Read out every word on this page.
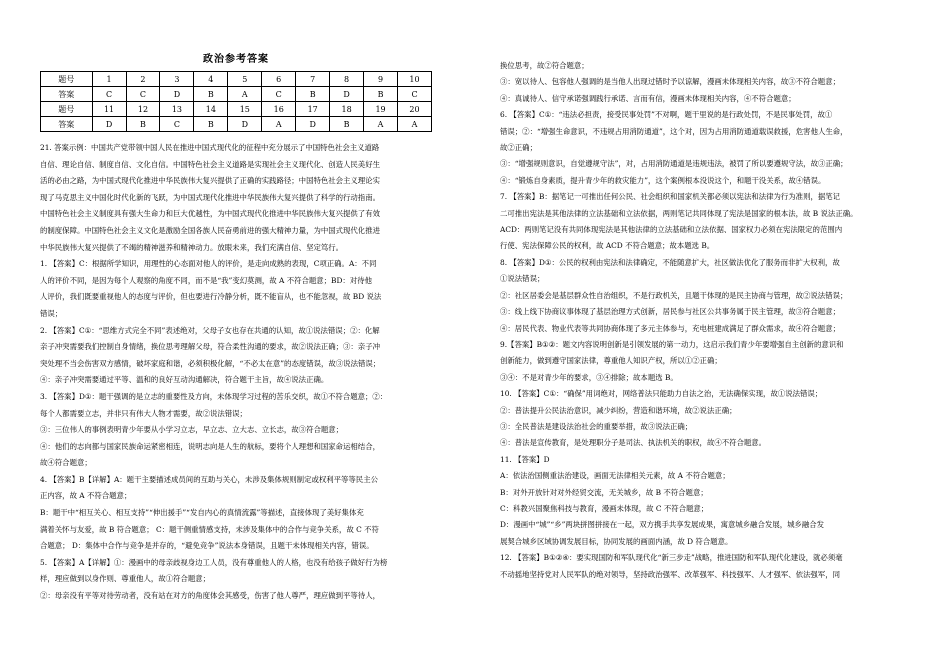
政治参考答案
题号	1	2	3	4	5	6	7	8	9	10
答案	C	C	D	B	A	C	B	D	B	C
题号	11	12	13	14	15	16	17	18	19	20
答案	D	B	C	B	D	A	D	B	A	A

21. 答案示例：中国共产党带领中国人民在推进中国式现代化的征程中充分展示了中国特色社会主义道路

自信、理论自信、制度自信、文化自信。中国特色社会主义道路是实现社会主义现代化、创造人民美好生

活的必由之路，为中国式现代化推进中华民族伟大复兴提供了正确的实践路径；中国特色社会主义理论实

现了马克思主义中国化时代化新的飞跃，为中国式现代化推进中华民族伟大复兴提供了科学的行动指南。

中国特色社会主义制度具有强大生命力和巨大优越性，为中国式现代化推进中华民族伟大复兴提供了有效

的制度保障。中国特色社会主义文化是激励全国各族人民奋勇前进的强大精神力量，为中国式现代化推进

中华民族伟大复兴提供了不竭的精神滋养和精神动力。放眼未来，我们充满自信、坚定笃行。

1. 【答案】C：根据所学知识，用理性的心态面对他人的评价，是走向成熟的表现，C项正确。A：不同

人的评价不同，是因为每个人观察的角度不同，而不是“我”变幻莫测，故 A 不符合题意；BD：对待他

人评价，我们既要重视他人的态度与评价，但也要进行冷静分析，既不能盲从，也不能忽视，故 BD 说法

错误；

2. 【答案】C①：“思维方式完全不同”表述绝对，父母子女也存在共通的认知，故①说法错误；②：化解

亲子冲突需要我们控制自身情绪，换位思考理解父母，符合柔性沟通的要求，故②说法正确；③：亲子冲

突处理不当会伤害双方感情，破坏家庭和谐，必须积极化解，“不必太在意”的态度错误，故③说法错误；

④：亲子冲突需要通过平等、温和的良好互动沟通解决，符合题干主旨，故④说法正确。

3. 【答案】D①：题干强调的是立志的重要性及方向，未体现学习过程的苦乐交织，故①不符合题意；②：

每个人都需要立志，并非只有伟大人物才需要，故②说法错误；

③：三位伟人的事例表明青少年要从小学习立志，早立志、立大志、立长志，故③符合题意；

④：他们的志向都与国家民族命运紧密相连，说明志向是人生的航标，要将个人理想和国家命运相结合，

故④符合题意；

4. 【答案】B【详解】A：题干主要描述成员间的互助与关心，未涉及集体规则制定或权利平等等民主公

正内容，故 A 不符合题意；

B：题干中“相互关心、相互支持”“伸出援手”“发自内心的真情流露”等描述，直接体现了美好集体充

满着关怀与友爱，故 B 符合题意； C：题干侧重情感支持，未涉及集体中的合作与竞争关系，故 C 不符

合题意； D：集体中合作与竞争是并存的，“避免竞争”说法本身错误，且题干未体现相关内容，错误。

5. 【答案】A【详解】①：漫画中的母亲歧视身边工人员，没有尊重他人的人格，也没有给孩子做好行为榜

样，理应做到以身作则、尊重他人，故①符合题意；

②：母亲没有平等对待劳动者，没有站在对方的角度体会其感受，伤害了他人尊严，理应做到平等待人，

换位思考，故②符合题意；

③：宽以待人、包容他人强调的是当他人出现过错时予以谅解，漫画未体现相关内容，故③不符合题意；

④：真诚待人、信守承诺强调践行承诺、言而有信，漫画未体现相关内容，④不符合题意；

6. 【答案】C①：“违法必担责，接受民事处罚”不对啊，题干里说的是行政处罚，不是民事处罚，故①

错误；②：“增强生命意识，不违规占用消防通道”，这个对，因为占用消防通道载误救援，危害他人生命，

故②正确；

③：“增强规则意识，自觉遵规守法”，对，占用消防通道是违规违法，被罚了所以要遵规守法，故③正确；

④：“锻炼自身素质，提升青少年的救灾能力”，这个案例根本没说这个，和题干没关系，故④错误。

7. 【答案】B：据笔记一可推出任何公民、社会组织和国家机关都必须以宪法和法律为行为准则，据笔记

二可推出宪法是其他法律的立法基础和立法依据，两则笔记共同体现了宪法是国家的根本法，故 B 说法正确。

ACD：两则笔记没有共同体现宪法是其他法律的立法基础和立法依据、国家权力必须在宪法限定的范围内

行使、宪法保障公民的权利，故 ACD 不符合题意；故本题选 B。

8. 【答案】D①：公民的权利由宪法和法律确定，不能随意扩大，社区做法优化了服务而非扩大权利，故

①说法错误；

②：社区居委会是基层群众性自治组织，不是行政机关，且题干体现的是民主协商与管理，故②说法错误；

③：线上线下协商议事体现了基层治理方式创新，居民参与社区公共事务属于民主管理，故③符合题意；

④：居民代表、物业代表等共同协商体现了多元主体参与，充电桩建成满足了群众需求，故④符合题意；

9.【答案】B①②：题文内容说明创新是引领发展的第一动力，这启示我们青少年要增强自主创新的意识和

创新能力，做到遵守国家法律，尊重他人知识产权，所以①②正确；

③④：不是对青少年的要求，③④排除；故本题选 B。

10. 【答案】C①：“确保”用词绝对，网络普法只能助力自法之治，无法确保实现，故①说法错误；

②：普法提升公民法治意识，减少纠纷，营造和谐环境，故②说法正确；

③：全民普法是建设法治社会的重要举措，故③说法正确；

④：普法是宣传教育，是处理职分子是司法、执法机关的职权，故④不符合题意。

11. 【答案】D

A：依法治国侧重法治建设，画面无法律相关元素，故 A 不符合题意；

B：对外开放针对对外经贸交流，无关城乡，故 B 不符合题意；

C：科教兴国聚焦科技与教育，漫画未体现，故 C 不符合题意；

D：漫画中“城”“乡”两块拼图拼接在一起，双方携手共享发展成果，寓意城乡融合发展，城乡融合发

展契合城乡区域协调发展目标，协同发展的画面内涵，故 D 符合题意。

12. 【答案】B①②④：要实现国防和军队现代化“新三步走”战略，推进国防和军队现代化建设，就必须毫

不动摇地坚持党对人民军队的绝对领导，坚持政治强军、改革强军、科技强军、人才强军、依法强军，同
